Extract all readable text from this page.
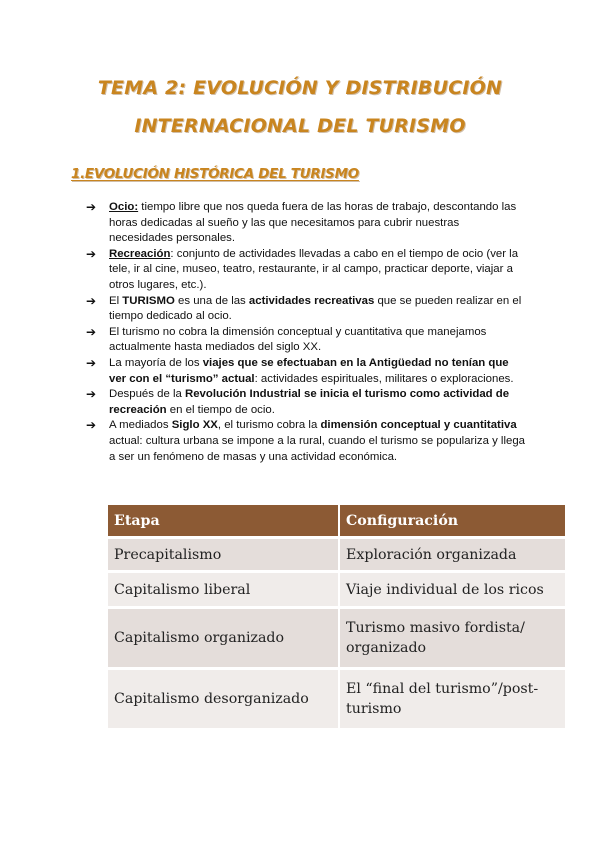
TEMA 2: EVOLUCIÓN Y DISTRIBUCIÓN
INTERNACIONAL DEL TURISMO
1.EVOLUCIÓN HISTÓRICA DEL TURISMO
➔ Ocio: tiempo libre que nos queda fuera de las horas de trabajo, descontando las horas dedicadas al sueño y las que necesitamos para cubrir nuestras necesidades personales.
➔ Recreación: conjunto de actividades llevadas a cabo en el tiempo de ocio (ver la tele, ir al cine, museo, teatro, restaurante, ir al campo, practicar deporte, viajar a otros lugares, etc.).
➔ El TURISMO es una de las actividades recreativas que se pueden realizar en el tiempo dedicado al ocio.
➔ El turismo no cobra la dimensión conceptual y cuantitativa que manejamos actualmente hasta mediados del siglo XX.
➔ La mayoría de los viajes que se efectuaban en la Antigüedad no tenían que ver con el “turismo” actual: actividades espirituales, militares o exploraciones.
➔ Después de la Revolución Industrial se inicia el turismo como actividad de recreación en el tiempo de ocio.
➔ A mediados Siglo XX, el turismo cobra la dimensión conceptual y cuantitativa actual: cultura urbana se impone a la rural, cuando el turismo se populariza y llega a ser un fenómeno de masas y una actividad económica.
Etapa	Configuración
Precapitalismo	Exploración organizada
Capitalismo liberal	Viaje individual de los ricos
Capitalismo organizado	Turismo masivo fordista/ organizado
Capitalismo desorganizado	El “final del turismo”/post-turismo
